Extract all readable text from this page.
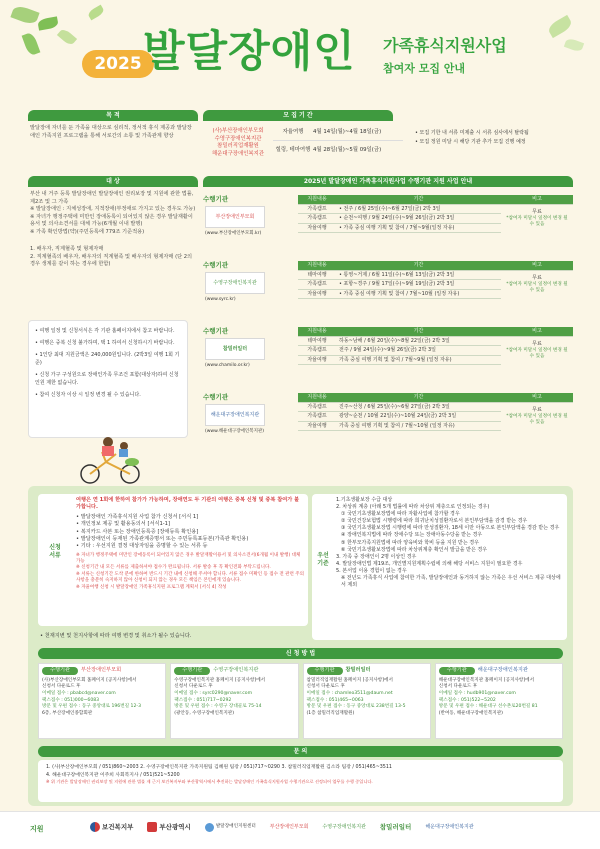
2025 발달장애인 가족휴식지원사업
참여자 모집 안내
목 적
발달장애 자녀를 둔 가족을 대상으로 심리적, 정서적 휴식 제공과 발달장애인 가족지원 프로그램을 통해 서로간의 소통 및 가족관계 향상
모 집 기 간
(사)부산장애인부모회
수영구장애인복지관
참밀러직업재활원
해운대구장애인복지관
자율여행	4월 14일(월)~4월 18일(금)
힐링, 테마여행 4월 28일(월)~5월 09일(금)
• 모집 기한 내 서류 미제출 시 서류 심사에서 탈락됨
• 모집 정원 미달 시 해당 기관 추가 모집 진행 예정
대 상
부산 내 거주 등록 발달장애인 발달장애인 권리보장 및 지원에 관한 법률, 제2조 및 그 가족
※ 발달장애인 : 지체성장애, 지적장애(부정애로 가지고 있는 경우도 가능)
※ 자녀가 행정주택에 미만인 장애동록이 되어있지 않은 경우 발달재활이용서 및 의사소견서를 대체 가능(6개월 이내 발행)
※ 가족 확인방법(약)(주민등록에 779조 기준적용)
1. 배우자, 직계혈족 및 형제자매
2. 직계혈족의 배우자, 배우자의 직계혈족 및 배우자의 형제자매 (단 2의 경우 생계를 같이 하는 경우에 한함)
• 여행 일정 및 신청서식은 각 기관 홈페이지에서 참고 바랍니다.
• 여행은 중복 신청 불가하며, 택 1 하여서 신청하시기 바랍니다.
• 1인당 최대 지원금액은 240,000원입니다. (2박3일 여행 1회 기준)
• 신청 가구 구성원으로 장애인가족 무조건 포함(대상자)하여 신청 인원 제한 없습니다.
• 참여 신청자 이상 시 일정 변경 될 수 있습니다.
2025년 발달장애인 가족휴식지원사업 수행기관 지원 사업 안내
수행기관
부산장애인부모회
(www.부산장애인부모회.kr)
지원내용	기간	비고
가족캠프	• 전주 / 6월 25일(수)~6월 27일(금) 2박 3일	무료
*참여자 미달시 일정이 변경 될 수 있음

가족캠프	• 순천~여행 / 9월 24일(수)~9월 26일(금) 2박 3일	
자율여행	• 가족 중심 여행 기획 및 참여 / 7월~9월(일정 자유)	
수행기관
수영구장애인복지관
(www.syrc.kr)
지원내용	기간	비고
테마여행	• 통영~거제 / 6월 11일(수)~6월 13일(금) 2박 3일	무료
*참여자 미달시 일정이 변경 될 수 있음

가족캠프	• 포항~경주 / 9월 17일(수)~9월 19일(금) 2박 3일	
자율여행	• 가족 중심 여행 기획 및 참여 / 7월~10월 (일정 자유)	
수행기관
참밀러일터
(www.chamilo.or.kr)
지원내용	기간	비고
테마여행	하동~남해 / 6월 20일(수)~8월 22일(금) 2박 3일	무료
*참여자 미달시 일정이 변경 될 수 있음

가족캠프	전주 / 9월 24일(수)~9월 26일(금) 2박 3일	
자율여행	가족 중심 여행 기획 및 참여 / 7월~9월 (일정 자유)	
수행기관
해운대구장애인복지관
(www.해운대구장애인복지관)
지원내용	기간	비고
가족캠프	진주~산청 / 6월 25일(수)~6월 27일(금) 2박 3일	무료
*참여자 미달시 일정이 변경 될 수 있음

가족캠프	광양~순천 / 10월 22일(수)~10월 24일(금) 2박 3일	
자율여행	가족 중심 여행 기획 및 참여 / 7월~10월 (일정 자유)	
신청
서류
여행은 연 1회에 한하여 참가가 가능하며, 장애연도 두 기관의 여행은 중복 신청 및 중복 참여가 불가합니다.
• 발달장애인 가족휴식지원 사업 참가 신청서 [서식 1]
• 개인정보 제공 및 활용동의서 [서식1-1]
• 복지카드 사본 또는 장애인등록증 [장애등록 확인용]
• 발달장애인이 등재된 가족관계증명서 또는 주민등록표등본(가족관 확인용)
• 기타 : 우선지원 결정 대상자임을 증명할 수 있는 서류 등
※ 자녀가 행정주택에 미만인 장애동록이 되어있지 않은 경우 발달재활이용서 및 의사소견서(6개월 이내 발행) 대체 가능
※ 신청기간 내 모든 서류를 제출하셔야 접수가 완료됩니다. 서류 발송 후 꼭 확인전화 부탁드립니다.
※ 서류는 신청기간 도착 분에 한하여 반드시 기간 내에 신청해 주셔야 합니다. 서류 접수 미확인 등 접수 전 관련 주의사항을 충분히 숙지하지 않아 신청이 되지 않는 경우 모든 책임은 본인에게 있습니다.
※ 자율여행 신청 시 발달장애인 가족휴식지원 프로그램 계획서 [서식 4] 작성
• 천재지변 및 천지사항에 따라 여행 변경 및 취소가 될수 있습니다.
우선
기준
1.기초생활보장 수급 대상
2. 차상위 계층 (아래 5개 법률에 따라 차상위 계층으로 인정되는 경우)
① 국민기초생활보장법에 따라 자활사업에 참가할 경우
② 국민건강보험법 시행령에 따라 희귀난치성질환자로서 본인부담액을 감경 받는 경우
③ 국민기초생활보장법 시행령에 따라 만성질환자, 18세 이만 아동으로 본인부담액을 경감 받는 경우
④ 장애인복지법에 따라 장애수당 또는 장애아동수당을 받는 경우
⑤ 한부모가족지원법에 따라 양육비와 학비 등을 지원 받는 경우
⑥ 국민기초생활보장법에 따라 차상위계층 확인서 발급을 받은 경우
3. 가족 중 장애인이 2명 이상인 경우
4. 발달장애인법 제19조, 개인별지원계획수립에 의해 해당 서비스 지원이 필요한 경우
5. 본서업 이용 경험이 없는 경우
※ 전년도 가족휴식 사업에 참여한 가족, 발달장애인과 동거하지 않는 가족은 우선 서비스 제공 대상에서 제외
신 청 방 법
수행기관	부산장애인부모회
(사)부산장애인부모회 홈페이지 [공지사항]에서
신청서 다운로드 후
이메일 접수 : pbabcd@naver.com
팩스접수 : 051)000~6083
방문 및 우편 접수 : 동구 중앙대로 196번길 12-3
6층, 부산장애인종합회관
수행기관	수영구장애인복지관
수영구장애인복지관 홈페이지 [공지사항]에서
신청서 다운로드 후
이메일 접수 : syrc0290@naver.com
팩스접수 : 051)717~0292
방문 및 우편 접수 : 수영구 장대골로 75-14
(광안동, 수영구장애인복지관)
수행기관	참밀러일터
참밀러직업재활원 홈페이지 [공지사항]에서
신청서 다운로드 후
이메일 접수 : chamleo3511@daum.net
팩스접수 : 051)465~0063
방문 및 우편 접수 : 동구 중앙대로 238번길 13-5
(1층 참밀러직업재활원)
수행기관	해운대구장애인복지관
해운대구장애인복지관 홈페이지 [공지사항]에서
신청서 다운로드 후
이메일 접수 : hudb901@naver.com
팩스접수 : 051)522~5202
방문 및 우편 접수 : 해운대구 선수촌로20번길 81
(반여동, 해운대구장애인복지관)
문 의
1. (사)부산장애인부모회 / 051)860~2003 2. 수영구장애인복지관 가족지원팀 김혜원 팀장 / 051)717~0290 3. 참밀러직업재활원 김소라 팀장 / 051)465~3511
4. 해운대구장애인복지관 이주희 사회복지사 / 051)521~5200
※ 위 기관은 발달장애인 권리보장 및 지원에 관한 법률 제 근거 보건복지부와 부산광역시에서 추진하는 발달장애인 가족휴식지원사업 수행기관으로 선정되어 업무를 수행 중입니다.
지원	보건복지부	부산광역시	발달장애인지원센터	부산장애인부모회	수영구장애인복지관 참밀러일터	해운대구장애인복지관
